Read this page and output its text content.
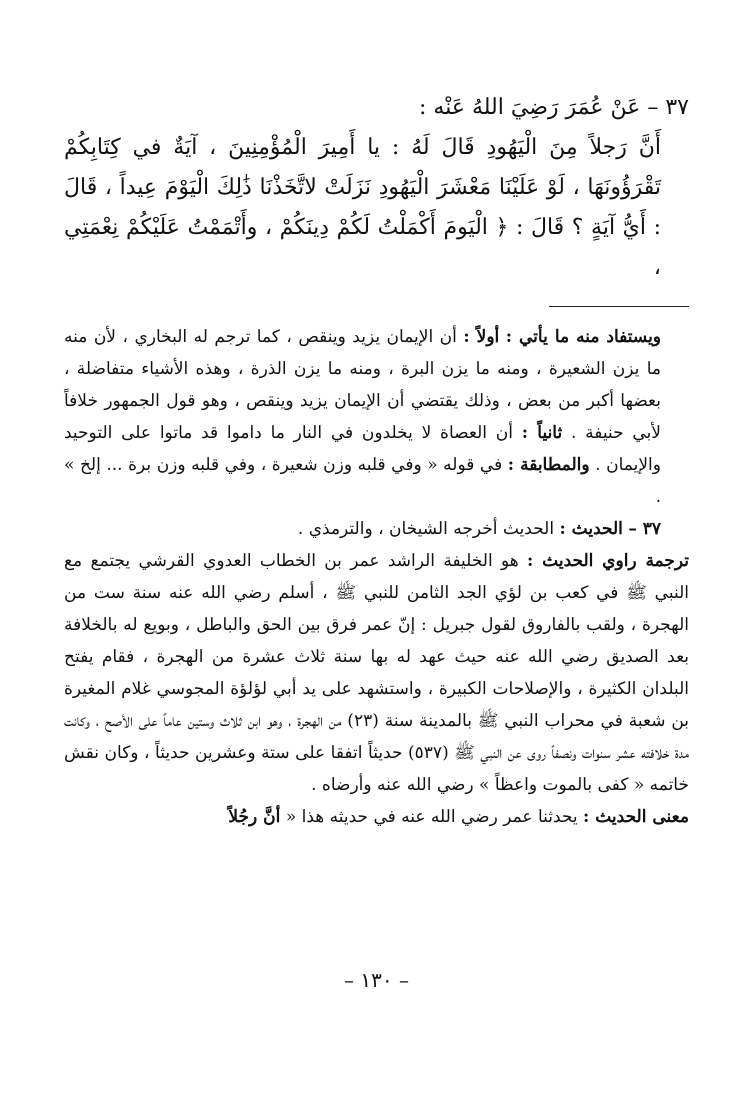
٣٧ – عَنْ عُمَرَ رَضِيَ اللهُ عَنْه :

أَنَّ رَجلاً مِنَ الْيَهُودِ قَالَ لَهُ : يا أَمِيرَ الْمُؤْمِنِينَ ، آيَةٌ في كِتَابِكُمْ تَقْرَؤُونَهَا ، لَوْ عَلَيْنَا مَعْشَرَ الْيَهُودِ نَزَلَتْ لاتَّخَذْنَا ذَٰلِكَ الْيَوْمَ عِيداً ، قَالَ : أَيُّ آيَةٍ ؟ قَالَ : ﴿ الْيَومَ أَكْمَلْتُ لَكُمْ دِينَكُمْ ، وأَتْمَمْتُ عَلَيْكُمْ نِعْمَتِي ،

ويستفاد منه ما يأتي : أولاً : أن الإيمان يزيد وينقص ، كما ترجم له البخاري ، لأن منه ما يزن الشعيرة ، ومنه ما يزن البرة ، ومنه ما يزن الذرة ، وهذه الأشياء متفاضلة ، بعضها أكبر من بعض ، وذلك يقتضي أن الإيمان يزيد وينقص ، وهو قول الجمهور خلافاً لأبي حنيفة . ثانياً : أن العصاة لا يخلدون في النار ما داموا قد ماتوا على التوحيد والإيمان . والمطابقة : في قوله « وفي قلبه وزن شعيرة ، وفي قلبه وزن برة ... إلخ » .

٣٧ – الحديث : الحديث أخرجه الشيخان ، والترمذي .

ترجمة راوي الحديث : هو الخليفة الراشد عمر بن الخطاب العدوي القرشي يجتمع مع النبي ﷺ في كعب بن لؤي الجد الثامن للنبي ﷺ ، أسلم رضي الله عنه سنة ست من الهجرة ، ولقب بالفاروق لقول جبريل : إنّ عمر فرق بين الحق والباطل ، وبويع له بالخلافة بعد الصديق رضي الله عنه حيث عهد له بها سنة ثلاث عشرة من الهجرة ، فقام يفتح البلدان الكثيرة ، والإصلاحات الكبيرة ، واستشهد على يد أبي لؤلؤة المجوسي غلام المغيرة بن شعبة في محراب النبي ﷺ بالمدينة سنة (٢٣) من الهجرة ، وهو ابن ثلاث وستين عاماً على الأصح ، وكانت مدة خلافته عشر سنوات ونصفاً روى عن النبي ﷺ (٥٣٧) حديثاً اتفقا على ستة وعشرين حديثاً ، وكان نقش خاتمه « كفى بالموت واعظاً » رضي الله عنه وأرضاه .

معنى الحديث : يحدثنا عمر رضي الله عنه في حديثه هذا « أنَّ رجُلاً

– ١٣٠ –
